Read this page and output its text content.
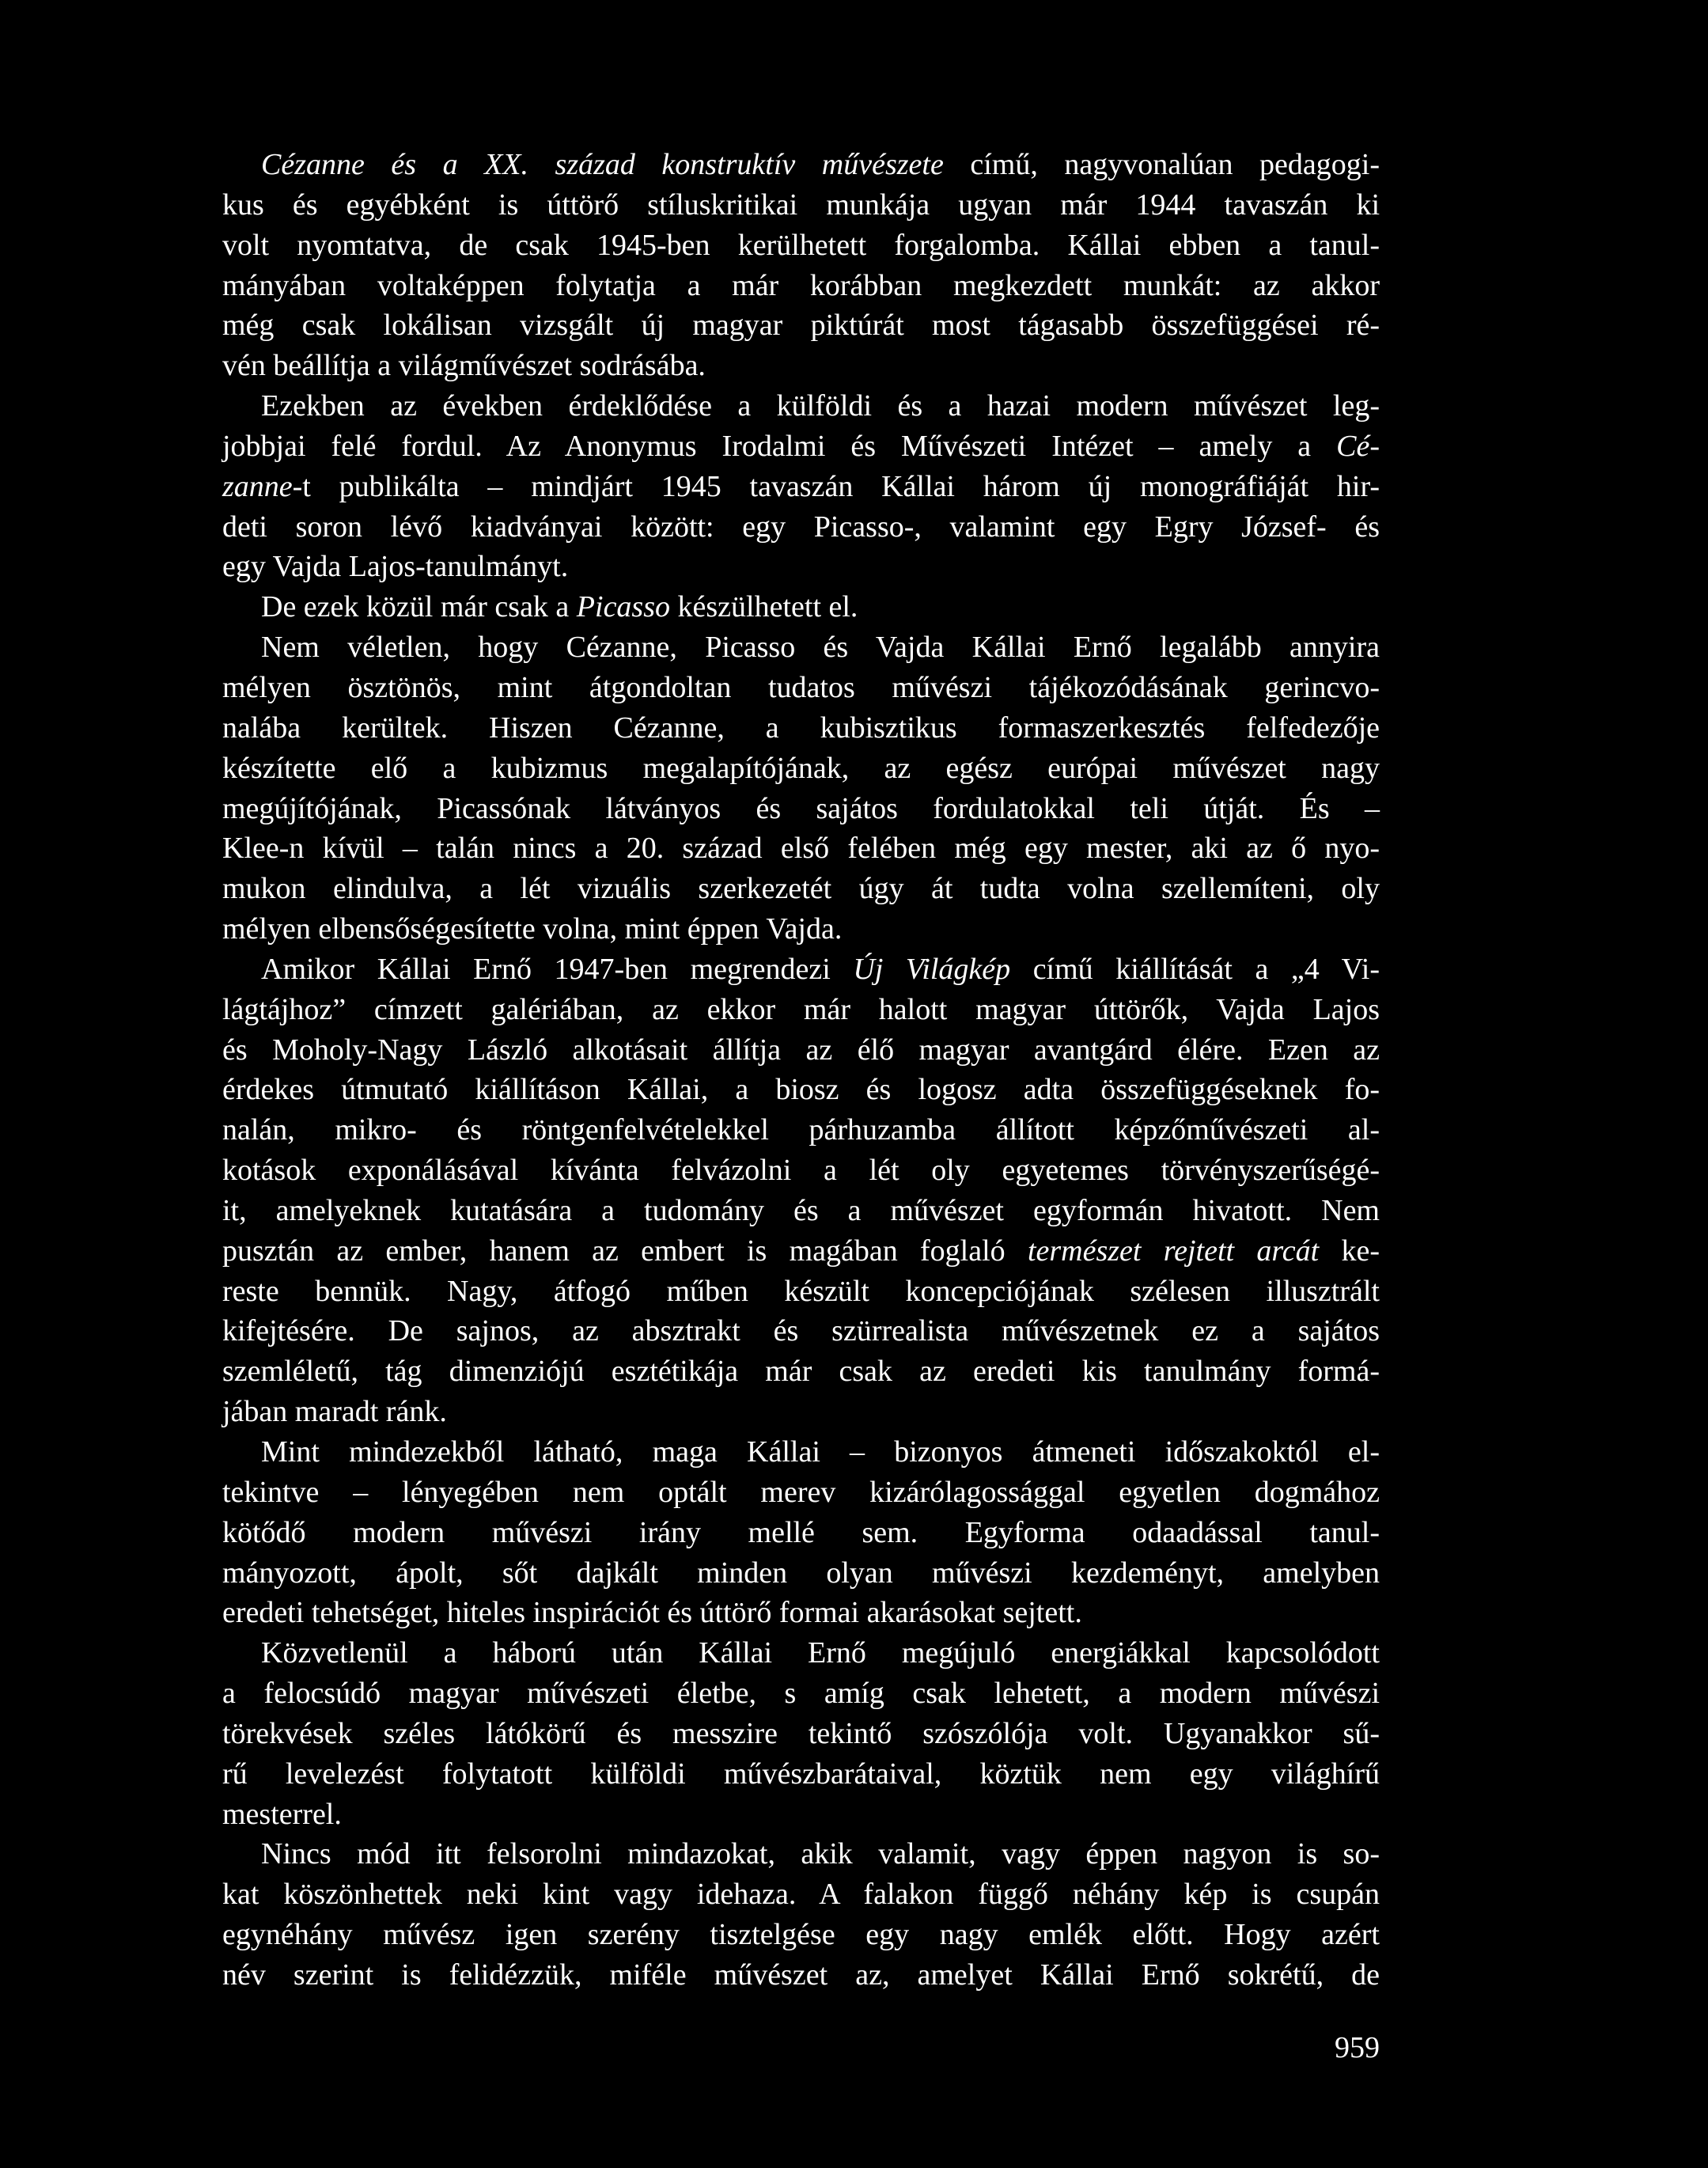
Cézanne és a XX. század konstruktív művészete című, nagyvonalúan pedagogi-
kus és egyébként is úttörő stíluskritikai munkája ugyan már 1944 tavaszán ki
volt nyomtatva, de csak 1945-ben kerülhetett forgalomba. Kállai ebben a tanul-
mányában voltaképpen folytatja a már korábban megkezdett munkát: az akkor
még csak lokálisan vizsgált új magyar piktúrát most tágasabb összefüggései ré-
vén beállítja a világművészet sodrásába.
Ezekben az években érdeklődése a külföldi és a hazai modern művészet leg-
jobbjai felé fordul. Az Anonymus Irodalmi és Művészeti Intézet – amely a Cé-
zanne-t publikálta – mindjárt 1945 tavaszán Kállai három új monográfiáját hir-
deti soron lévő kiadványai között: egy Picasso-, valamint egy Egry József- és
egy Vajda Lajos-tanulmányt.
De ezek közül már csak a Picasso készülhetett el.
Nem véletlen, hogy Cézanne, Picasso és Vajda Kállai Ernő legalább annyira
mélyen ösztönös, mint átgondoltan tudatos művészi tájékozódásának gerincvo-
nalába kerültek. Hiszen Cézanne, a kubisztikus formaszerkesztés felfedezője
készítette elő a kubizmus megalapítójának, az egész európai művészet nagy
megújítójának, Picassónak látványos és sajátos fordulatokkal teli útját. És –
Klee-n kívül – talán nincs a 20. század első felében még egy mester, aki az ő nyo-
mukon elindulva, a lét vizuális szerkezetét úgy át tudta volna szellemíteni, oly
mélyen elbensőségesítette volna, mint éppen Vajda.
Amikor Kállai Ernő 1947-ben megrendezi Új Világkép című kiállítását a „4 Vi-
lágtájhoz” címzett galériában, az ekkor már halott magyar úttörők, Vajda Lajos
és Moholy-Nagy László alkotásait állítja az élő magyar avantgárd élére. Ezen az
érdekes útmutató kiállításon Kállai, a biosz és logosz adta összefüggéseknek fo-
nalán, mikro- és röntgenfelvételekkel párhuzamba állított képzőművészeti al-
kotások exponálásával kívánta felvázolni a lét oly egyetemes törvényszerűségé-
it, amelyeknek kutatására a tudomány és a művészet egyformán hivatott. Nem
pusztán az ember, hanem az embert is magában foglaló természet rejtett arcát ke-
reste bennük. Nagy, átfogó műben készült koncepciójának szélesen illusztrált
kifejtésére. De sajnos, az absztrakt és szürrealista művészetnek ez a sajátos
szemléletű, tág dimenziójú esztétikája már csak az eredeti kis tanulmány formá-
jában maradt ránk.
Mint mindezekből látható, maga Kállai – bizonyos átmeneti időszakoktól el-
tekintve – lényegében nem optált merev kizárólagossággal egyetlen dogmához
kötődő modern művészi irány mellé sem. Egyforma odaadással tanul-
mányozott, ápolt, sőt dajkált minden olyan művészi kezdeményt, amelyben
eredeti tehetséget, hiteles inspirációt és úttörő formai akarásokat sejtett.
Közvetlenül a háború után Kállai Ernő megújuló energiákkal kapcsolódott
a felocsúdó magyar művészeti életbe, s amíg csak lehetett, a modern művészi
törekvések széles látókörű és messzire tekintő szószólója volt. Ugyanakkor sű-
rű levelezést folytatott külföldi művészbarátaival, köztük nem egy világhírű
mesterrel.
Nincs mód itt felsorolni mindazokat, akik valamit, vagy éppen nagyon is so-
kat köszönhettek neki kint vagy idehaza. A falakon függő néhány kép is csupán
egynéhány művész igen szerény tisztelgése egy nagy emlék előtt. Hogy azért
név szerint is felidézzük, miféle művészet az, amelyet Kállai Ernő sokrétű, de
959
